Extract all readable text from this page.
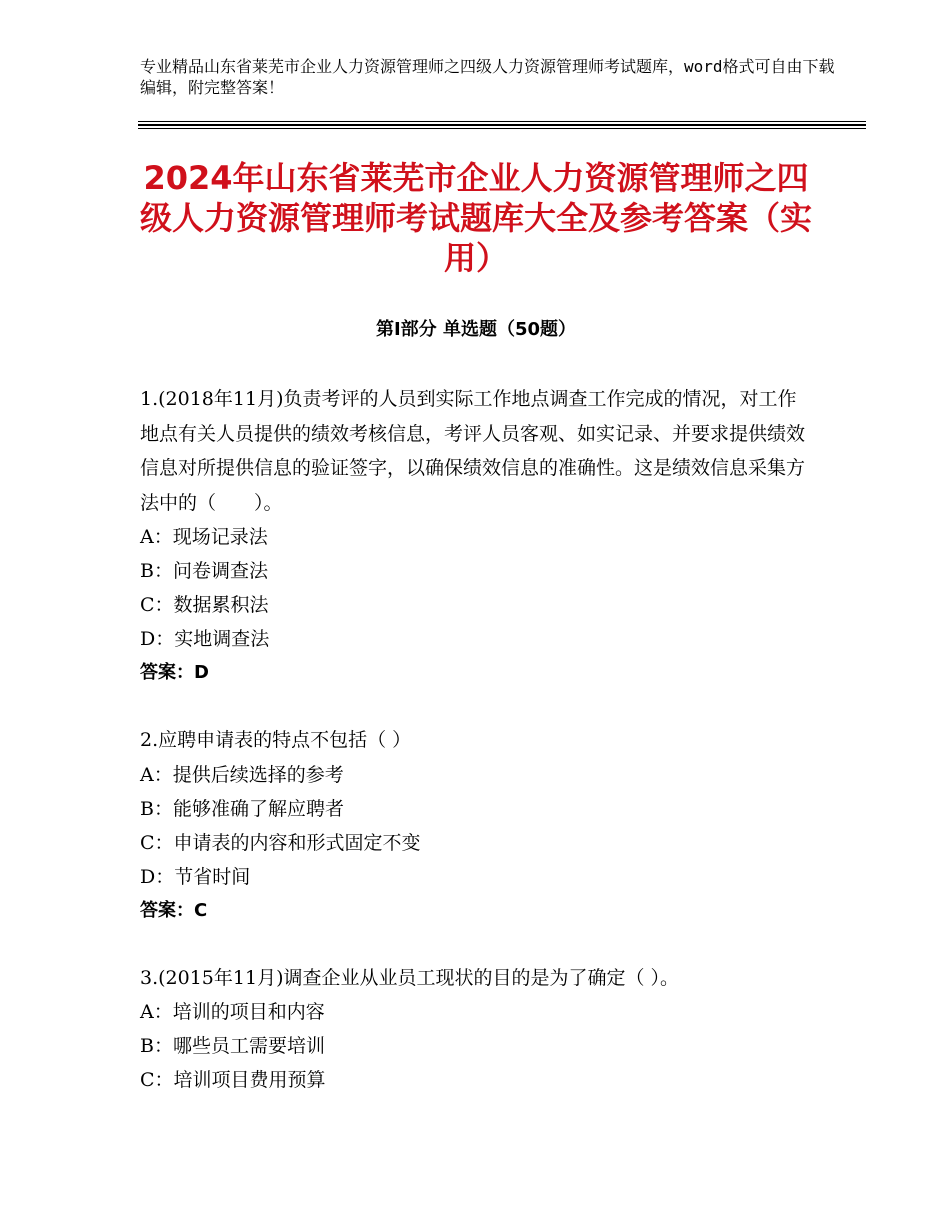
专业精品山东省莱芜市企业人力资源管理师之四级人力资源管理师考试题库，word格式可自由下载编辑，附完整答案！
2024年山东省莱芜市企业人力资源管理师之四级人力资源管理师考试题库大全及参考答案（实用）
第Ⅰ部分 单选题（50题）
1.(2018年11月)负责考评的人员到实际工作地点调查工作完成的情况，对工作地点有关人员提供的绩效考核信息，考评人员客观、如实记录、并要求提供绩效信息对所提供信息的验证签字，以确保绩效信息的准确性。这是绩效信息采集方法中的（　　）。
A：现场记录法
B：问卷调查法
C：数据累积法
D：实地调查法
答案：D
2.应聘申请表的特点不包括（ ）
A：提供后续选择的参考
B：能够准确了解应聘者
C：申请表的内容和形式固定不变
D：节省时间
答案：C
3.(2015年11月)调查企业从业员工现状的目的是为了确定（ ）。
A：培训的项目和内容
B：哪些员工需要培训
C：培训项目费用预算
